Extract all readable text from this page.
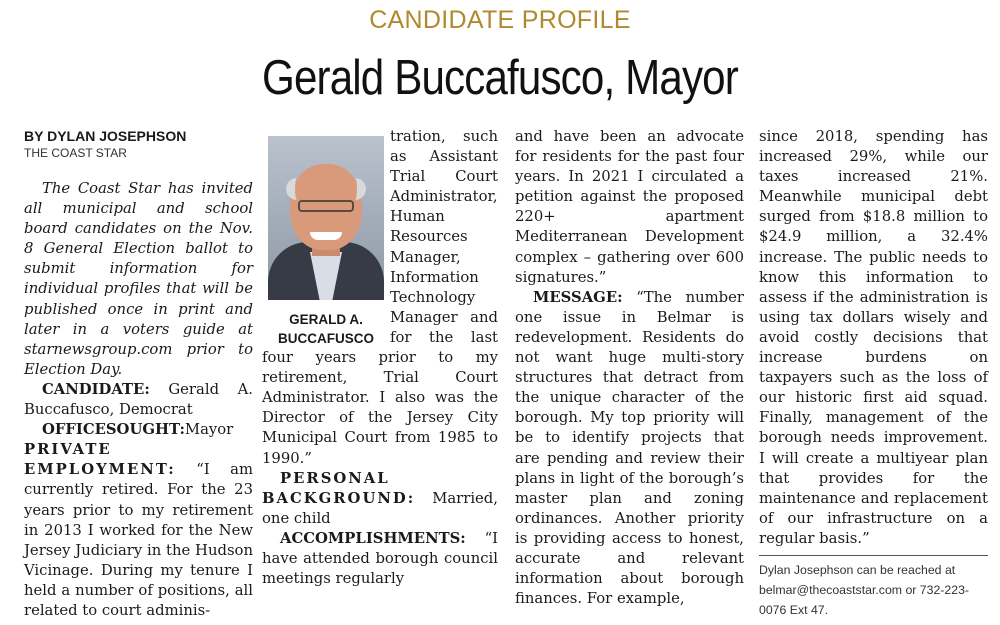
CANDIDATE PROFILE
Gerald Buccafusco, Mayor
BY DYLAN JOSEPHSON
THE COAST STAR

The Coast Star has invited all municipal and school board candidates on the Nov. 8 General Election ballot to submit information for individual profiles that will be published once in print and later in a voters guide at starnewsgroup.com prior to Election Day.

CANDIDATE: Gerald A. Buccafusco, Democrat

OFFICESOUGHT:Mayor

PRIVATE EMPLOYMENT: “I am currently retired. For the 23 years prior to my retirement in 2013 I worked for the New Jersey Judiciary in the Hudson Vicinage. During my tenure I held a number of positions, all related to court adminis-

GERALD A. BUCCAFUSCO

tration, such as Assistant Trial Court Administrator, Human Resources Manager, Information Technology Manager and for the last four years prior to my retirement, Trial Court Administrator. I also was the Director of the Jersey City Municipal Court from 1985 to 1990.”

PERSONAL BACKGROUND: Married, one child

ACCOMPLISHMENTS: “I have attended borough council meetings regularly

and have been an advocate for residents for the past four years. In 2021 I circulated a petition against the proposed 220+ apartment Mediterranean Development complex – gathering over 600 signatures.”

MESSAGE: “The number one issue in Belmar is redevelopment. Residents do not want huge multi-story structures that detract from the unique character of the borough. My top priority will be to identify projects that are pending and review their plans in light of the borough’s master plan and zoning ordinances. Another priority is providing access to honest, accurate and relevant information about borough finances. For example,

since 2018, spending has increased 29%, while our taxes increased 21%. Meanwhile municipal debt surged from $18.8 million to $24.9 million, a 32.4% increase. The public needs to know this information to assess if the administration is using tax dollars wisely and avoid costly decisions that increase burdens on taxpayers such as the loss of our historic first aid squad. Finally, management of the borough needs improvement. I will create a multiyear plan that provides for the maintenance and replacement of our infrastructure on a regular basis.”

Dylan Josephson can be reached at belmar@thecoaststar.com or 732-223-0076 Ext 47.
